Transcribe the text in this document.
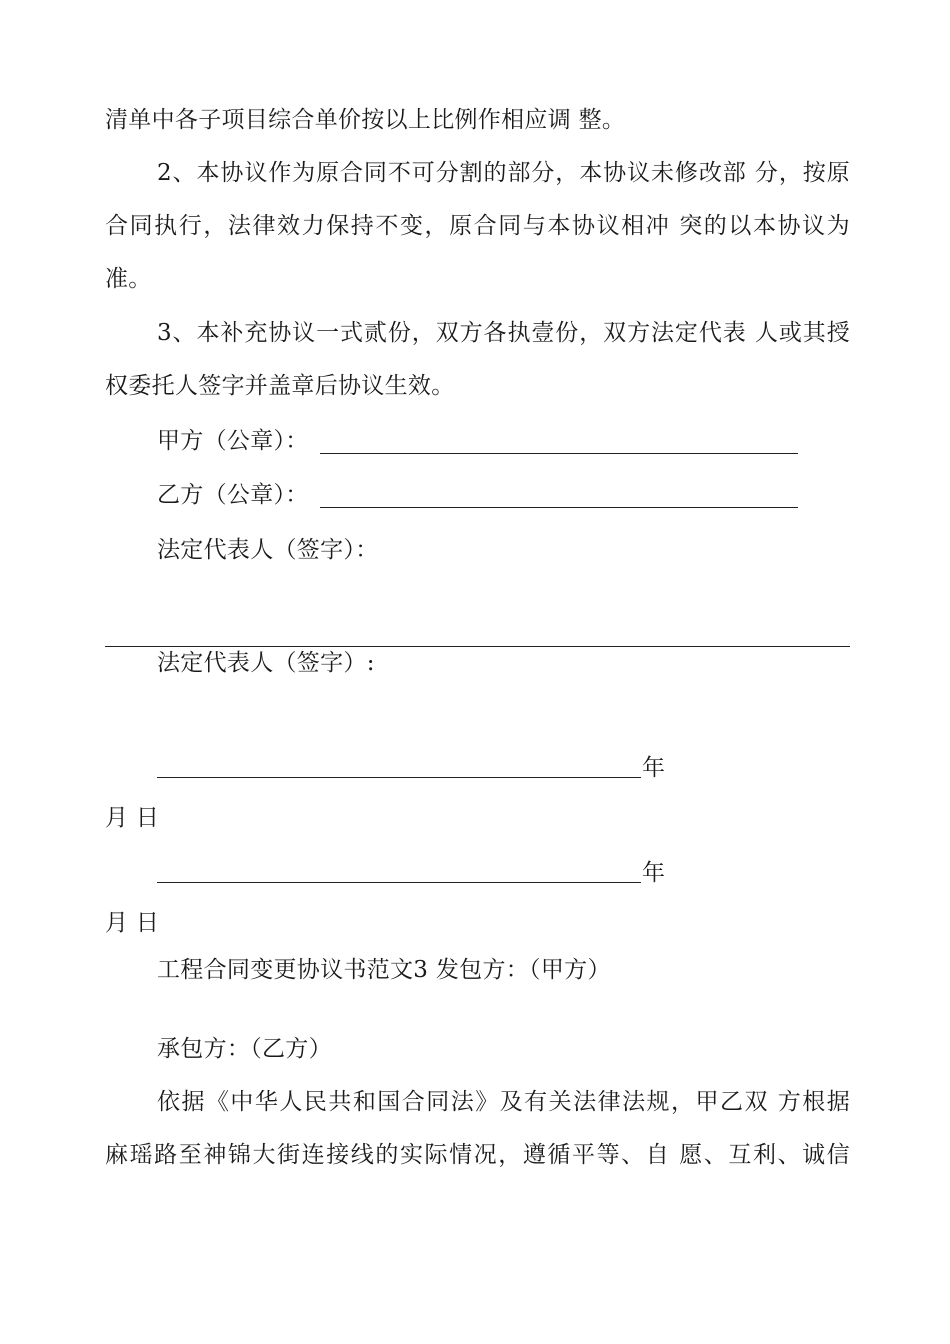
清单中各子项目综合单价按以上比例作相应调 整。
2、本协议作为原合同不可分割的部分，本协议未修改部 分，按原
合同执行，法律效力保持不变，原合同与本协议相冲 突的以本协议为
准。
3、本补充协议一式贰份，双方各执壹份，双方法定代表 人或其授
权委托人签字并盖章后协议生效。
甲方（公章）：
乙方（公章）：
法定代表人（签字）：
法定代表人（签字）:
年
月 日
年
月 日
工程合同变更协议书范文3 发包方：（甲方）
承包方：（乙方）
依据《中华人民共和国合同法》及有关法律法规，甲乙双 方根据
麻瑶路至神锦大街连接线的实际情况，遵循平等、自 愿、互利、诚信
